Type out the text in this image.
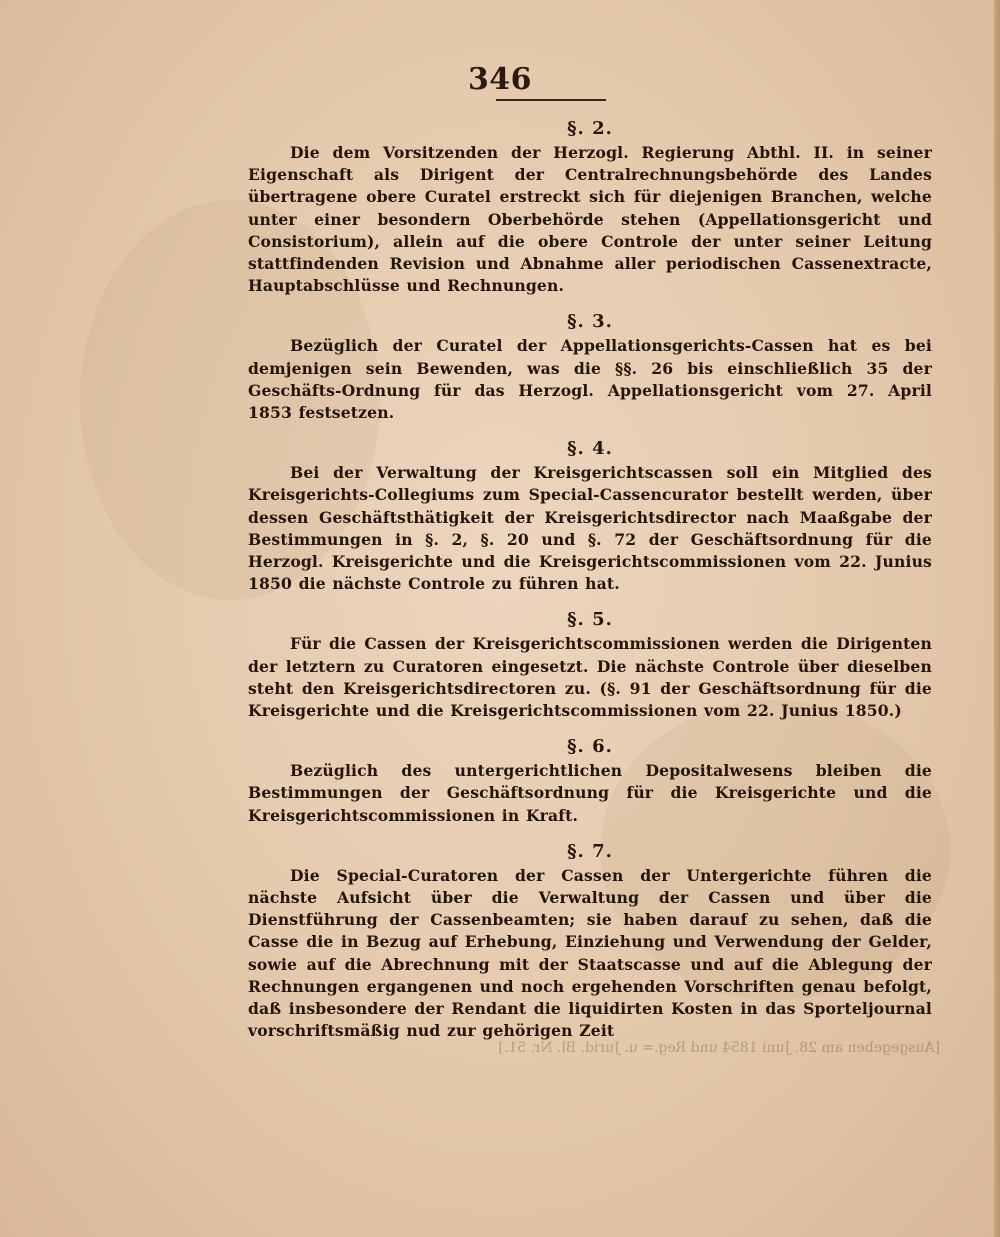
346
§. 2.
Die dem Vorsitzenden der Herzogl. Regierung Abthl. II. in seiner Eigenschaft als Dirigent der Centralrechnungsbehörde des Landes übertragene obere Curatel erstreckt sich für diejenigen Branchen, welche unter einer besondern Oberbehörde stehen (Appellationsgericht und Consistorium), allein auf die obere Controle der unter seiner Leitung stattfindenden Revision und Abnahme aller periodischen Cassenextracte, Hauptabschlüsse und Rechnungen.
§. 3.
Bezüglich der Curatel der Appellationsgerichts-Cassen hat es bei demjenigen sein Bewenden, was die §§. 26 bis einschließlich 35 der Geschäfts-Ordnung für das Herzogl. Appellationsgericht vom 27. April 1853 festsetzen.
§. 4.
Bei der Verwaltung der Kreisgerichtscassen soll ein Mitglied des Kreisgerichts-Collegiums zum Special-Cassencurator bestellt werden, über dessen Geschäftsthätigkeit der Kreisgerichtsdirector nach Maaßgabe der Bestimmungen in §. 2, §. 20 und §. 72 der Geschäftsordnung für die Herzogl. Kreisgerichte und die Kreisgerichtscommissionen vom 22. Junius 1850 die nächste Controle zu führen hat.
§. 5.
Für die Cassen der Kreisgerichtscommissionen werden die Dirigenten der letztern zu Curatoren eingesetzt. Die nächste Controle über dieselben steht den Kreisgerichtsdirectoren zu. (§. 91 der Geschäftsordnung für die Kreisgerichte und die Kreisgerichtscommissionen vom 22. Junius 1850.)
§. 6.
Bezüglich des untergerichtlichen Depositalwesens bleiben die Bestimmungen der Geschäftsordnung für die Kreisgerichte und die Kreisgerichtscommissionen in Kraft.
§. 7.
Die Special-Curatoren der Cassen der Untergerichte führen die nächste Aufsicht über die Verwaltung der Cassen und über die Dienstführung der Cassenbeamten; sie haben darauf zu sehen, daß die Casse die in Bezug auf Erhebung, Einziehung und Verwendung der Gelder, sowie auf die Abrechnung mit der Staatscasse und auf die Ablegung der Rechnungen ergangenen und noch ergehenden Vorschriften genau befolgt, daß insbesondere der Rendant die liquidirten Kosten in das Sporteljournal vorschriftsmäßig nud zur gehörigen Zeit
[Ausgegeben am 28. Juni 1854 und Reg.= u. Jurid. Bl. Nr. 51.]
